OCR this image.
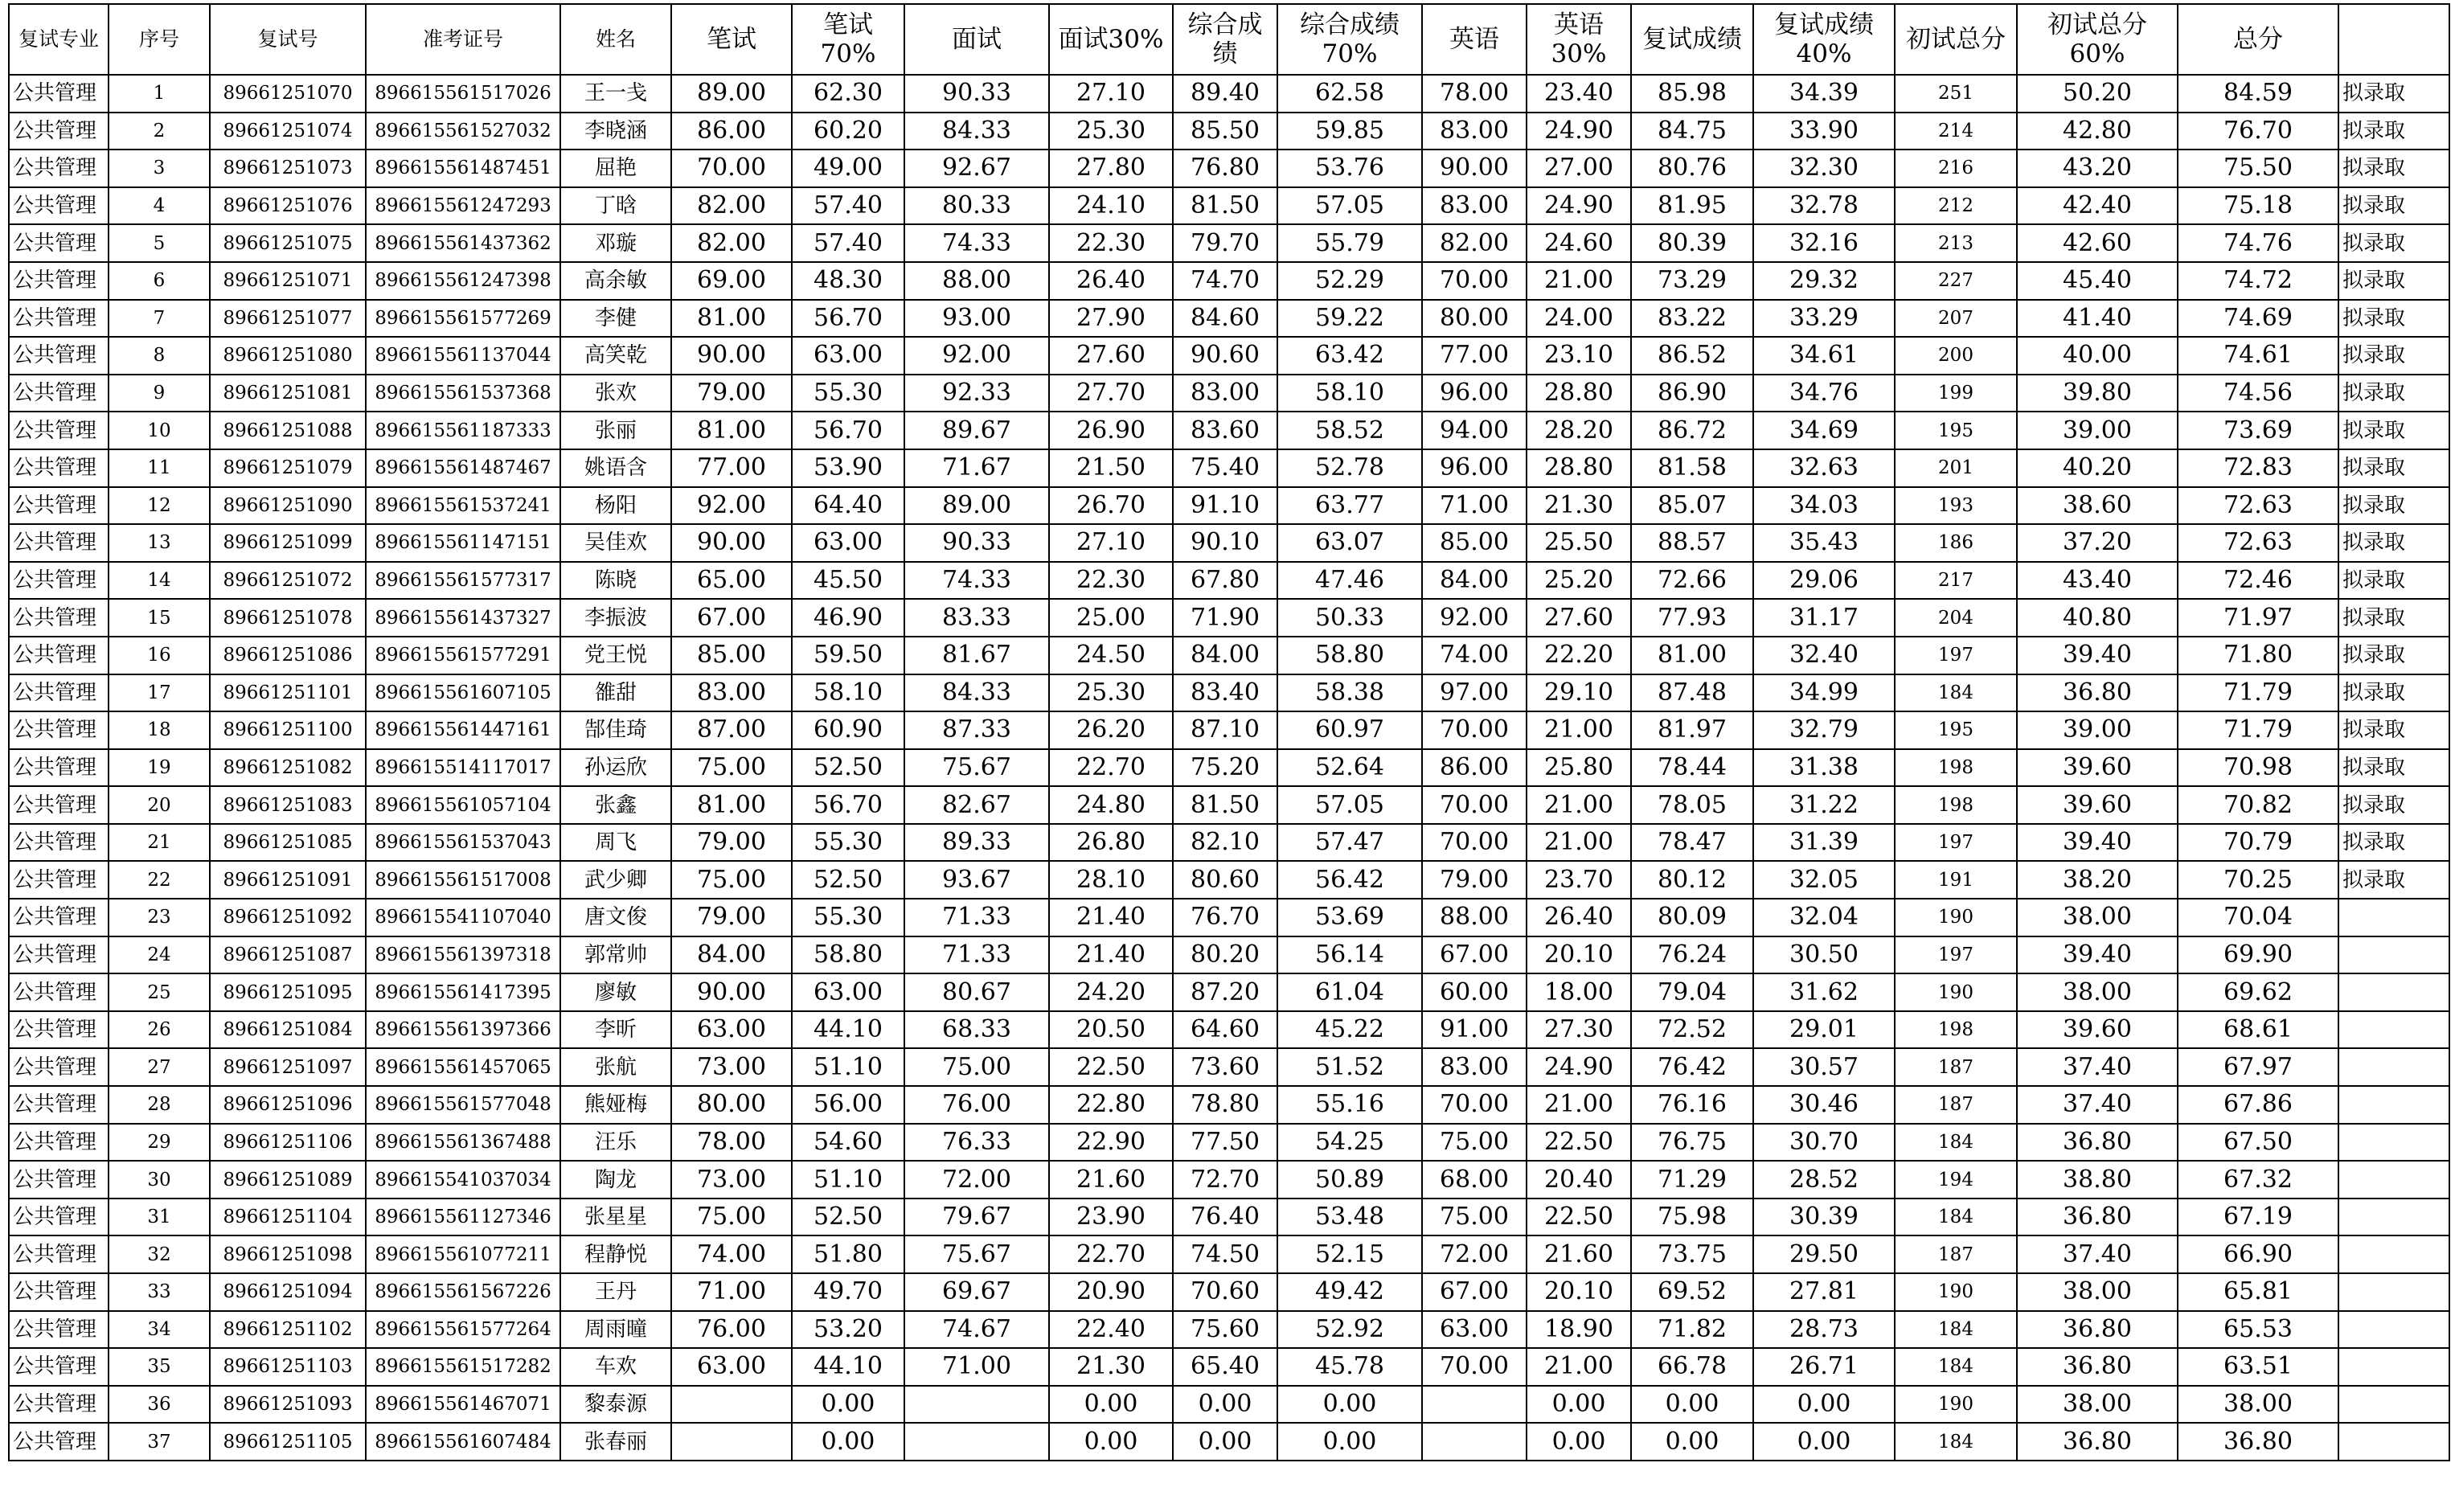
复试专业	序号	复试号	准考证号	姓名	笔试	笔试70%	面试	面试30%	综合成绩	综合成绩70%	英语	英语30%	复试成绩	复试成绩40%	初试总分	初试总分60%	总分	
公共管理	1	89661251070	896615561517026	王一戋	89.00	62.30	90.33	27.10	89.40	62.58	78.00	23.40	85.98	34.39	251	50.20	84.59	拟录取
公共管理	2	89661251074	896615561527032	李晓涵	86.00	60.20	84.33	25.30	85.50	59.85	83.00	24.90	84.75	33.90	214	42.80	76.70	拟录取
公共管理	3	89661251073	896615561487451	屈艳	70.00	49.00	92.67	27.80	76.80	53.76	90.00	27.00	80.76	32.30	216	43.20	75.50	拟录取
公共管理	4	89661251076	896615561247293	丁晗	82.00	57.40	80.33	24.10	81.50	57.05	83.00	24.90	81.95	32.78	212	42.40	75.18	拟录取
公共管理	5	89661251075	896615561437362	邓璇	82.00	57.40	74.33	22.30	79.70	55.79	82.00	24.60	80.39	32.16	213	42.60	74.76	拟录取
公共管理	6	89661251071	896615561247398	高余敏	69.00	48.30	88.00	26.40	74.70	52.29	70.00	21.00	73.29	29.32	227	45.40	74.72	拟录取
公共管理	7	89661251077	896615561577269	李健	81.00	56.70	93.00	27.90	84.60	59.22	80.00	24.00	83.22	33.29	207	41.40	74.69	拟录取
公共管理	8	89661251080	896615561137044	高笑乾	90.00	63.00	92.00	27.60	90.60	63.42	77.00	23.10	86.52	34.61	200	40.00	74.61	拟录取
公共管理	9	89661251081	896615561537368	张欢	79.00	55.30	92.33	27.70	83.00	58.10	96.00	28.80	86.90	34.76	199	39.80	74.56	拟录取
公共管理	10	89661251088	896615561187333	张丽	81.00	56.70	89.67	26.90	83.60	58.52	94.00	28.20	86.72	34.69	195	39.00	73.69	拟录取
公共管理	11	89661251079	896615561487467	姚语含	77.00	53.90	71.67	21.50	75.40	52.78	96.00	28.80	81.58	32.63	201	40.20	72.83	拟录取
公共管理	12	89661251090	896615561537241	杨阳	92.00	64.40	89.00	26.70	91.10	63.77	71.00	21.30	85.07	34.03	193	38.60	72.63	拟录取
公共管理	13	89661251099	896615561147151	吴佳欢	90.00	63.00	90.33	27.10	90.10	63.07	85.00	25.50	88.57	35.43	186	37.20	72.63	拟录取
公共管理	14	89661251072	896615561577317	陈晓	65.00	45.50	74.33	22.30	67.80	47.46	84.00	25.20	72.66	29.06	217	43.40	72.46	拟录取
公共管理	15	89661251078	896615561437327	李振波	67.00	46.90	83.33	25.00	71.90	50.33	92.00	27.60	77.93	31.17	204	40.80	71.97	拟录取
公共管理	16	89661251086	896615561577291	党王悦	85.00	59.50	81.67	24.50	84.00	58.80	74.00	22.20	81.00	32.40	197	39.40	71.80	拟录取
公共管理	17	89661251101	896615561607105	雒甜	83.00	58.10	84.33	25.30	83.40	58.38	97.00	29.10	87.48	34.99	184	36.80	71.79	拟录取
公共管理	18	89661251100	896615561447161	郜佳琦	87.00	60.90	87.33	26.20	87.10	60.97	70.00	21.00	81.97	32.79	195	39.00	71.79	拟录取
公共管理	19	89661251082	896615514117017	孙运欣	75.00	52.50	75.67	22.70	75.20	52.64	86.00	25.80	78.44	31.38	198	39.60	70.98	拟录取
公共管理	20	89661251083	896615561057104	张鑫	81.00	56.70	82.67	24.80	81.50	57.05	70.00	21.00	78.05	31.22	198	39.60	70.82	拟录取
公共管理	21	89661251085	896615561537043	周飞	79.00	55.30	89.33	26.80	82.10	57.47	70.00	21.00	78.47	31.39	197	39.40	70.79	拟录取
公共管理	22	89661251091	896615561517008	武少卿	75.00	52.50	93.67	28.10	80.60	56.42	79.00	23.70	80.12	32.05	191	38.20	70.25	拟录取
公共管理	23	89661251092	896615541107040	唐文俊	79.00	55.30	71.33	21.40	76.70	53.69	88.00	26.40	80.09	32.04	190	38.00	70.04	
公共管理	24	89661251087	896615561397318	郭常帅	84.00	58.80	71.33	21.40	80.20	56.14	67.00	20.10	76.24	30.50	197	39.40	69.90	
公共管理	25	89661251095	896615561417395	廖敏	90.00	63.00	80.67	24.20	87.20	61.04	60.00	18.00	79.04	31.62	190	38.00	69.62	
公共管理	26	89661251084	896615561397366	李昕	63.00	44.10	68.33	20.50	64.60	45.22	91.00	27.30	72.52	29.01	198	39.60	68.61	
公共管理	27	89661251097	896615561457065	张航	73.00	51.10	75.00	22.50	73.60	51.52	83.00	24.90	76.42	30.57	187	37.40	67.97	
公共管理	28	89661251096	896615561577048	熊娅梅	80.00	56.00	76.00	22.80	78.80	55.16	70.00	21.00	76.16	30.46	187	37.40	67.86	
公共管理	29	89661251106	896615561367488	汪乐	78.00	54.60	76.33	22.90	77.50	54.25	75.00	22.50	76.75	30.70	184	36.80	67.50	
公共管理	30	89661251089	896615541037034	陶龙	73.00	51.10	72.00	21.60	72.70	50.89	68.00	20.40	71.29	28.52	194	38.80	67.32	
公共管理	31	89661251104	896615561127346	张星星	75.00	52.50	79.67	23.90	76.40	53.48	75.00	22.50	75.98	30.39	184	36.80	67.19	
公共管理	32	89661251098	896615561077211	程静悦	74.00	51.80	75.67	22.70	74.50	52.15	72.00	21.60	73.75	29.50	187	37.40	66.90	
公共管理	33	89661251094	896615561567226	王丹	71.00	49.70	69.67	20.90	70.60	49.42	67.00	20.10	69.52	27.81	190	38.00	65.81	
公共管理	34	89661251102	896615561577264	周雨曈	76.00	53.20	74.67	22.40	75.60	52.92	63.00	18.90	71.82	28.73	184	36.80	65.53	
公共管理	35	89661251103	896615561517282	车欢	63.00	44.10	71.00	21.30	65.40	45.78	70.00	21.00	66.78	26.71	184	36.80	63.51	
公共管理	36	89661251093	896615561467071	黎泰源		0.00		0.00	0.00	0.00		0.00	0.00	0.00	190	38.00	38.00	
公共管理	37	89661251105	896615561607484	张春丽		0.00		0.00	0.00	0.00		0.00	0.00	0.00	184	36.80	36.80	
